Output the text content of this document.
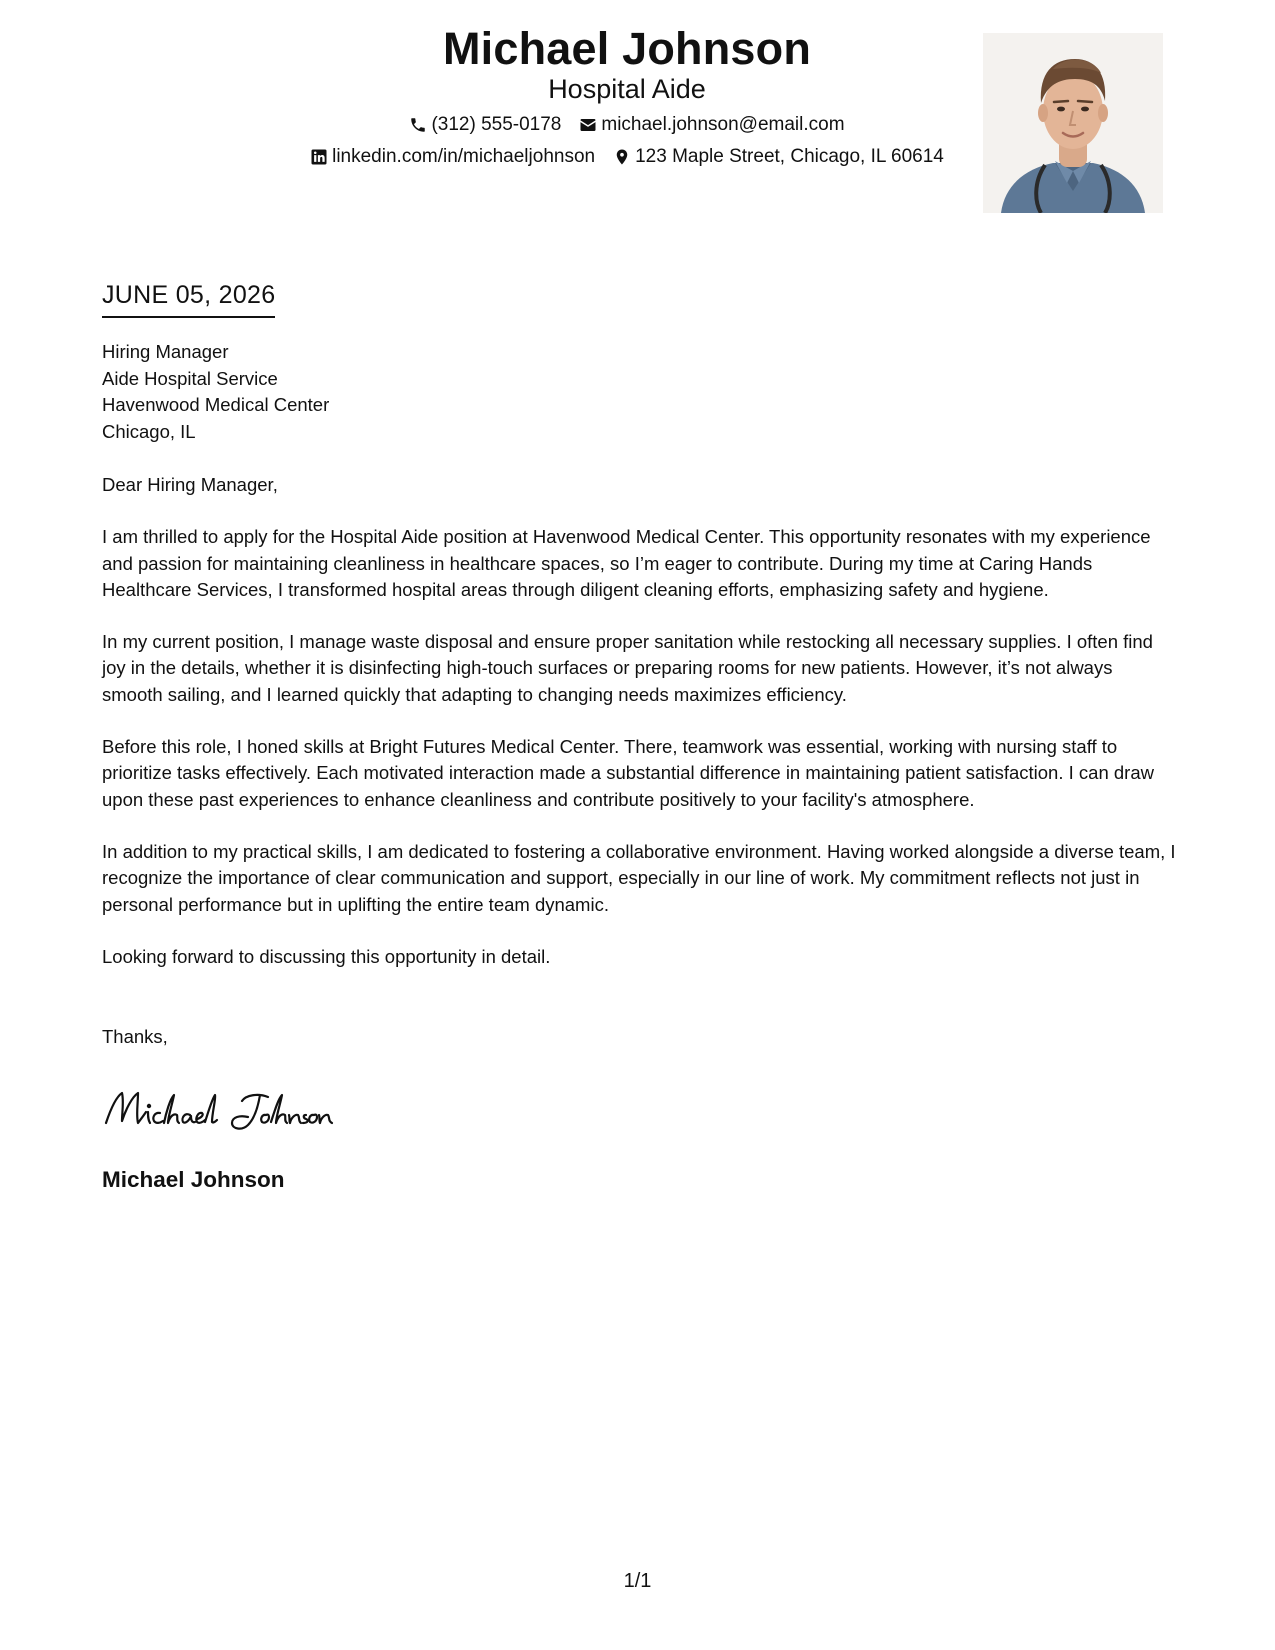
Michael Johnson
Hospital Aide
(312) 555-0178 michael.johnson@email.com
linkedin.com/in/michaeljohnson 123 Maple Street, Chicago, IL 60614
JUNE 05, 2026
Hiring Manager
Aide Hospital Service
Havenwood Medical Center
Chicago, IL

Dear Hiring Manager,

I am thrilled to apply for the Hospital Aide position at Havenwood Medical Center. This opportunity resonates with my experience and passion for maintaining cleanliness in healthcare spaces, so I’m eager to contribute. During my time at Caring Hands Healthcare Services, I transformed hospital areas through diligent cleaning efforts, emphasizing safety and hygiene.

In my current position, I manage waste disposal and ensure proper sanitation while restocking all necessary supplies. I often find joy in the details, whether it is disinfecting high-touch surfaces or preparing rooms for new patients. However, it’s not always smooth sailing, and I learned quickly that adapting to changing needs maximizes efficiency.

Before this role, I honed skills at Bright Futures Medical Center. There, teamwork was essential, working with nursing staff to prioritize tasks effectively. Each motivated interaction made a substantial difference in maintaining patient satisfaction. I can draw upon these past experiences to enhance cleanliness and contribute positively to your facility's atmosphere.

In addition to my practical skills, I am dedicated to fostering a collaborative environment. Having worked alongside a diverse team, I recognize the importance of clear communication and support, especially in our line of work. My commitment reflects not just in personal performance but in uplifting the entire team dynamic.

Looking forward to discussing this opportunity in detail.

Thanks,
Michael Johnson
1/1
